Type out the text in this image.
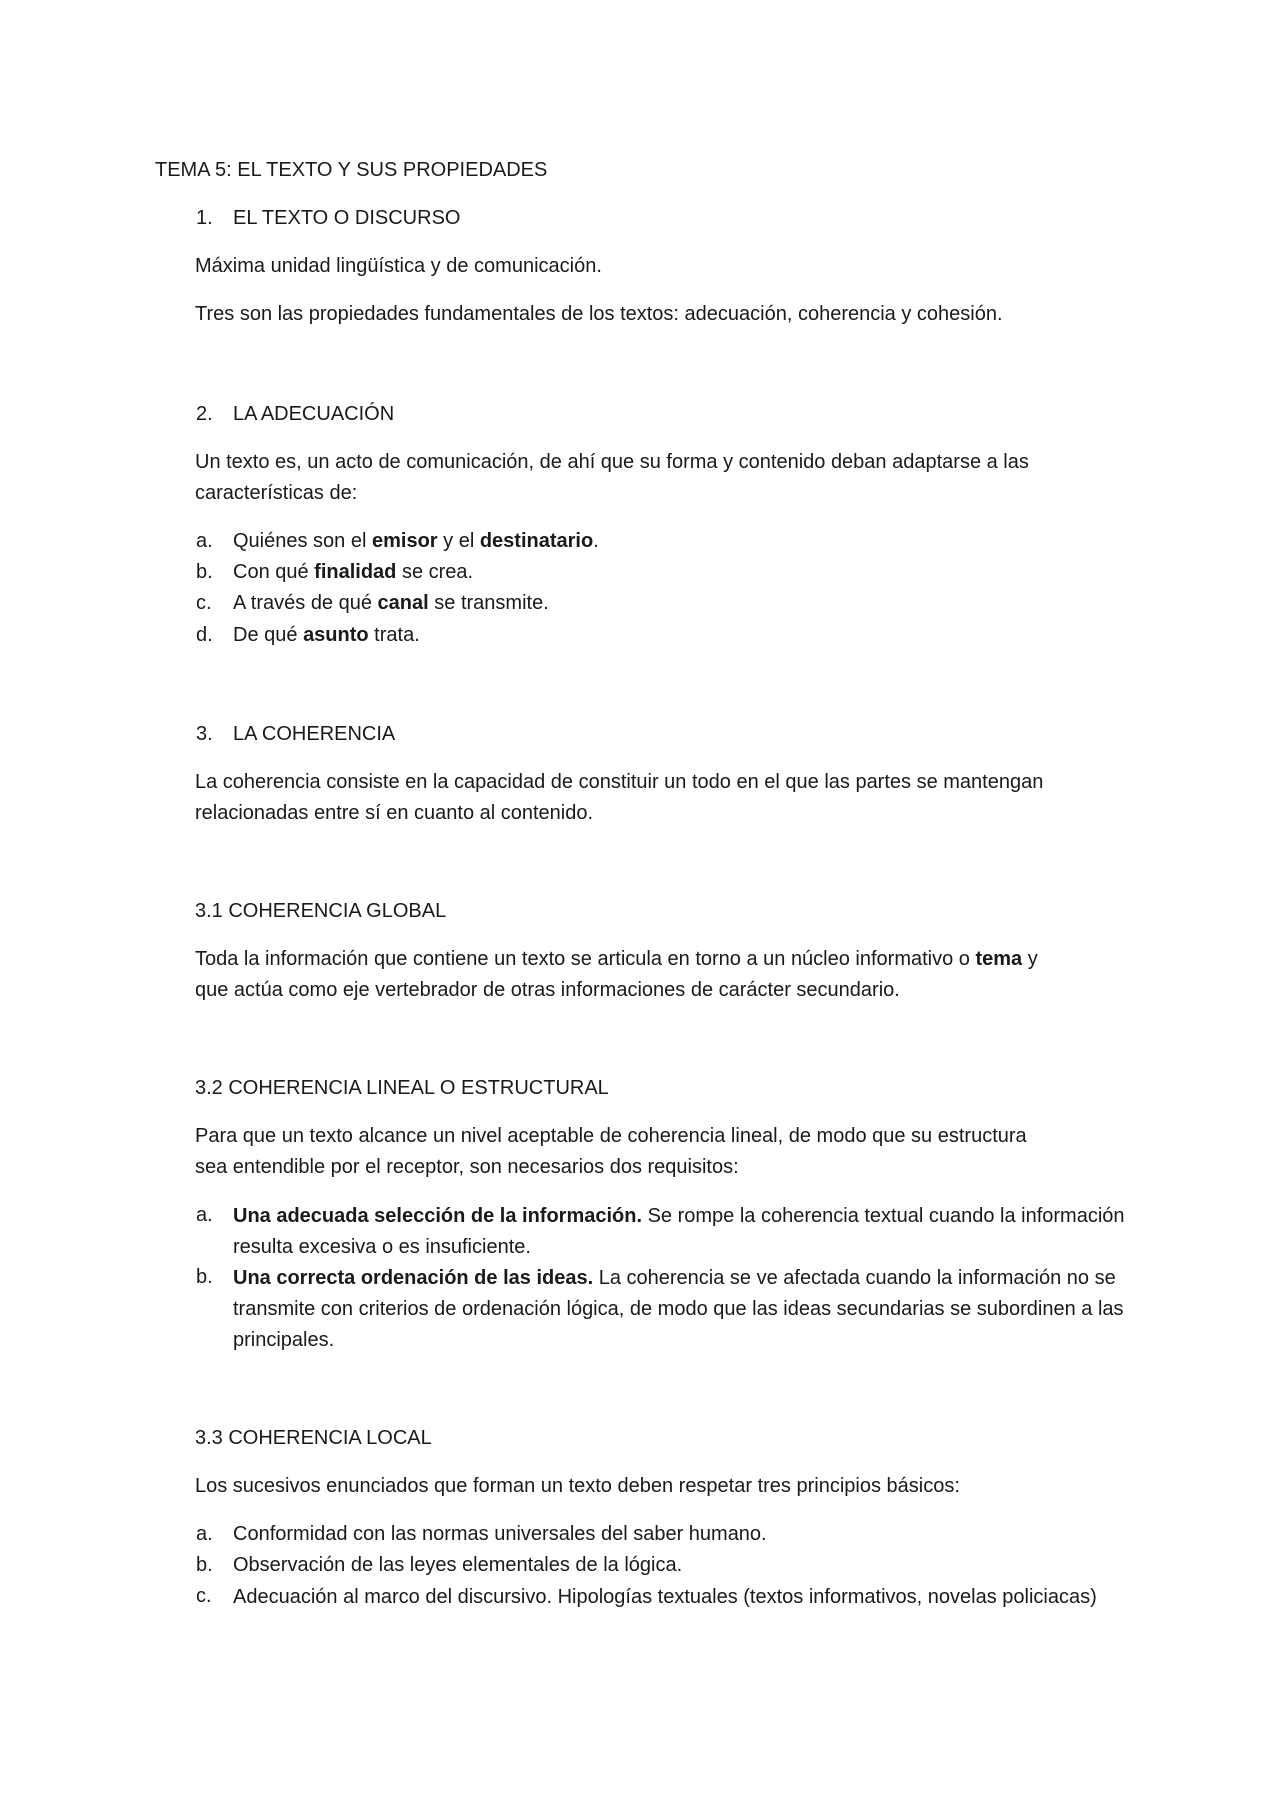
TEMA 5: EL TEXTO Y SUS PROPIEDADES
1. EL TEXTO O DISCURSO
Máxima unidad lingüística y de comunicación.
Tres son las propiedades fundamentales de los textos: adecuación, coherencia y cohesión.
2. LA ADECUACIÓN
Un texto es, un acto de comunicación, de ahí que su forma y contenido deban adaptarse a las
características de:
a. Quiénes son el emisor y el destinatario.
b. Con qué finalidad se crea.
c. A través de qué canal se transmite.
d. De qué asunto trata.
3. LA COHERENCIA
La coherencia consiste en la capacidad de constituir un todo en el que las partes se mantengan
relacionadas entre sí en cuanto al contenido.
3.1 COHERENCIA GLOBAL
Toda la información que contiene un texto se articula en torno a un núcleo informativo o tema y
que actúa como eje vertebrador de otras informaciones de carácter secundario.
3.2 COHERENCIA LINEAL O ESTRUCTURAL
Para que un texto alcance un nivel aceptable de coherencia lineal, de modo que su estructura
sea entendible por el receptor, son necesarios dos requisitos:
a. Una adecuada selección de la información. Se rompe la coherencia textual cuando la información resulta excesiva o es insuficiente.
b. Una correcta ordenación de las ideas. La coherencia se ve afectada cuando la información no se transmite con criterios de ordenación lógica, de modo que las ideas secundarias se subordinen a las principales.
3.3 COHERENCIA LOCAL
Los sucesivos enunciados que forman un texto deben respetar tres principios básicos:
a. Conformidad con las normas universales del saber humano.
b. Observación de las leyes elementales de la lógica.
c. Adecuación al marco del discursivo. Hipologías textuales (textos informativos, novelas policiacas)
